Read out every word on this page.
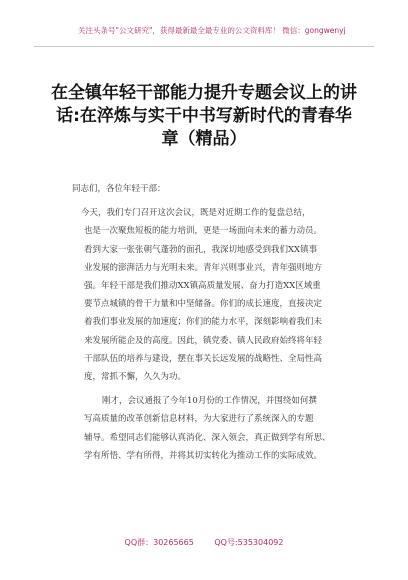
关注头条号"公文研究"，获得最新最全最专业的公文资料库！ 微信：gongwenyj
在全镇年轻干部能力提升专题会议上的讲
话:在淬炼与实干中书写新时代的青春华
章（精品）

同志们，各位年轻干部：

今天，我们专门召开这次会议，既是对近期工作的复盘总结，

也是一次聚焦短板的能力培训，更是一场面向未来的蓄力动员。

看到大家一张张朝气蓬勃的面孔，我深切地感受到我们XX镇事

业发展的澎湃活力与光明未来。青年兴则事业兴，青年强则地方

强。年轻干部是我们推动XX镇高质量发展、奋力打造XX区域重

要节点城镇的骨干力量和中坚储备。你们的成长速度，直接决定

着我们事业发展的加速度；你们的能力水平，深刻影响着我们未

来发展所能企及的高度。因此，镇党委、镇人民政府始终将年轻

干部队伍的培养与建设，摆在事关长远发展的战略性、全局性高

度，常抓不懈，久久为功。

刚才，会议通报了今年10月份的工作情况，并围绕如何撰

写高质量的改革创新信息材料，为大家进行了系统深入的专题

辅导。希望同志们能够认真消化、深入领会，真正做到学有所思、

学有所悟、学有所得，并将其切实转化为推动工作的实际成效。

QQ群：30265665	QQ号:535304092
